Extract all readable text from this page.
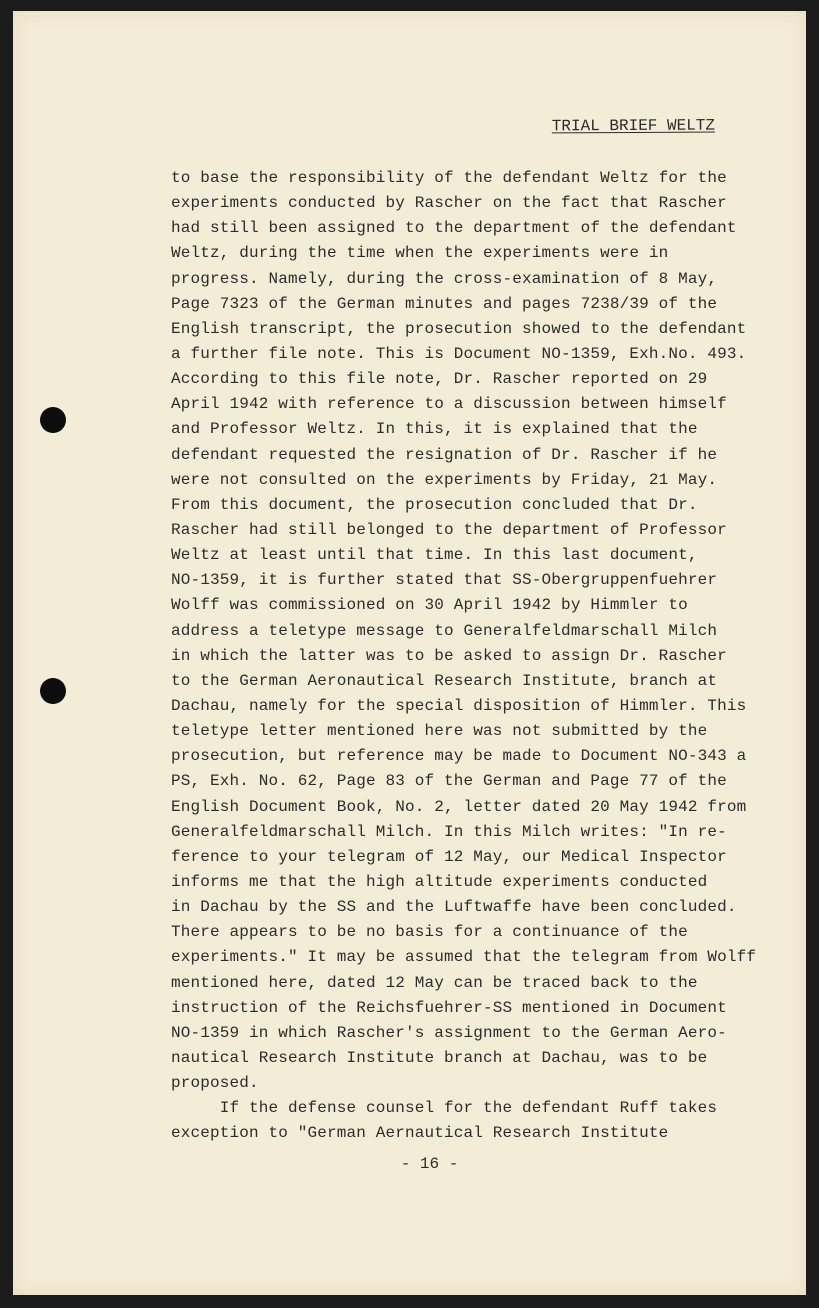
TRIAL BRIEF WELTZ
to base the responsibility of the defendant Weltz for the
experiments conducted by Rascher on the fact that Rascher
had still been assigned to the department of the defendant
Weltz, during the time when the experiments were in
progress. Namely, during the cross-examination of 8 May,
Page 7323 of the German minutes and pages 7238/39 of the
English transcript, the prosecution showed to the defendant
a further file note. This is Document NO-1359, Exh.No. 493.
According to this file note, Dr. Rascher reported on 29
April 1942 with reference to a discussion between himself
and Professor Weltz. In this, it is explained that the
defendant requested the resignation of Dr. Rascher if he
were not consulted on the experiments by Friday, 21 May.
From this document, the prosecution concluded that Dr.
Rascher had still belonged to the department of Professor
Weltz at least until that time. In this last document,
NO-1359, it is further stated that SS-Obergruppenfuehrer
Wolff was commissioned on 30 April 1942 by Himmler to
address a teletype message to Generalfeldmarschall Milch
in which the latter was to be asked to assign Dr. Rascher
to the German Aeronautical Research Institute, branch at
Dachau, namely for the special disposition of Himmler. This
teletype letter mentioned here was not submitted by the
prosecution, but reference may be made to Document NO-343 a
PS, Exh. No. 62, Page 83 of the German and Page 77 of the
English Document Book, No. 2, letter dated 20 May 1942 from
Generalfeldmarschall Milch. In this Milch writes: "In re-
ference to your telegram of 12 May, our Medical Inspector
informs me that the high altitude experiments conducted
in Dachau by the SS and the Luftwaffe have been concluded.
There appears to be no basis for a continuance of the
experiments." It may be assumed that the telegram from Wolff
mentioned here, dated 12 May can be traced back to the
instruction of the Reichsfuehrer-SS mentioned in Document
NO-1359 in which Rascher's assignment to the German Aero-
nautical Research Institute branch at Dachau, was to be
proposed.
If the defense counsel for the defendant Ruff takes
exception to "German Aernautical Research Institute
- 16 -
